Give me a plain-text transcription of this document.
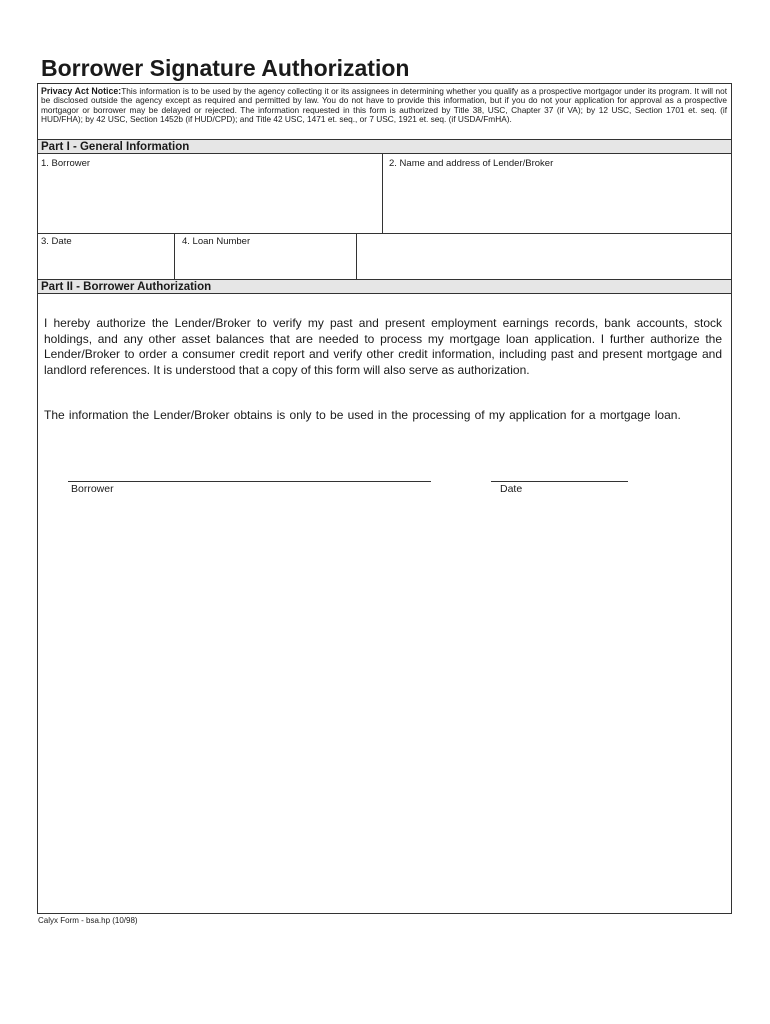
Borrower Signature Authorization
Privacy Act Notice:This information is to be used by the agency collecting it or its assignees in determining whether you qualify as a prospective mortgagor under its program. It will not be disclosed outside the agency except as required and permitted by law. You do not have to provide this information, but if you do not your application for approval as a prospective mortgagor or borrower may be delayed or rejected. The information requested in this form is authorized by Title 38, USC, Chapter 37 (if VA); by 12 USC, Section 1701 et. seq. (if HUD/FHA); by 42 USC, Section 1452b (if HUD/CPD); and Title 42 USC, 1471 et. seq., or 7 USC, 1921 et. seq. (if USDA/FmHA).
Part I - General Information
1. Borrower	2. Name and address of Lender/Broker
3. Date	4. Loan Number
Part II - Borrower Authorization
I hereby authorize the Lender/Broker to verify my past and present employment earnings records, bank accounts, stock holdings, and any other asset balances that are needed to process my mortgage loan application. I further authorize the Lender/Broker to order a consumer credit report and verify other credit information, including past and present mortgage and landlord references. It is understood that a copy of this form will also serve as authorization.
The information the Lender/Broker obtains is only to be used in the processing of my application for a mortgage loan.
Borrower	Date
Calyx Form - bsa.hp (10/98)
